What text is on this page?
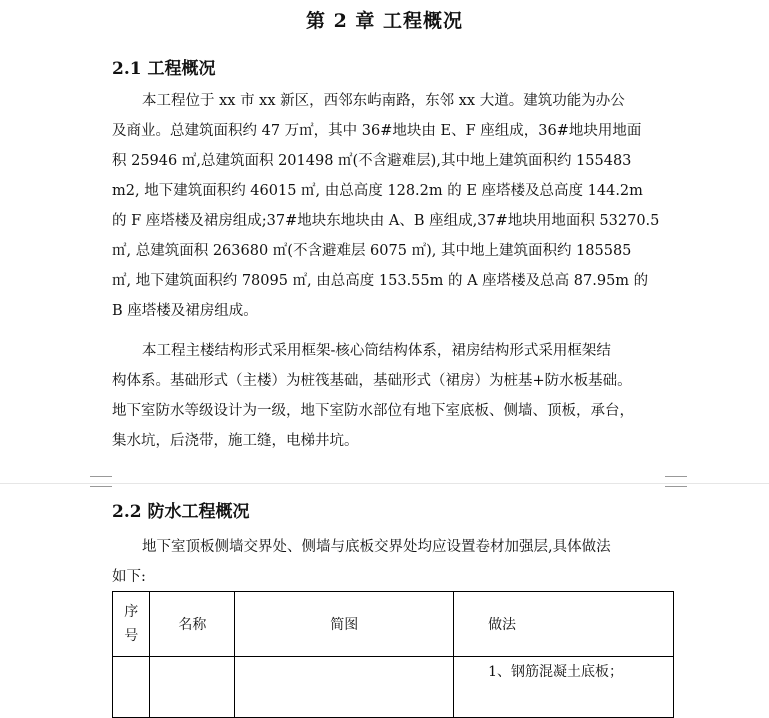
第 2 章 工程概况
2.1 工程概况
本工程位于 xx 市 xx 新区，西邻东屿南路，东邻 xx 大道。建筑功能为办公
及商业。总建筑面积约 47 万㎡，其中 36#地块由 E、F 座组成，36#地块用地面
积 25946 ㎡,总建筑面积 201498 ㎡(不含避难层),其中地上建筑面积约 155483
m2, 地下建筑面积约 46015 ㎡, 由总高度 128.2m 的 E 座塔楼及总高度 144.2m
的 F 座塔楼及裙房组成;37#地块东地块由 A、B 座组成,37#地块用地面积 53270.5
㎡, 总建筑面积 263680 ㎡(不含避难层 6075 ㎡), 其中地上建筑面积约 185585
㎡, 地下建筑面积约 78095 ㎡, 由总高度 153.55m 的 A 座塔楼及总高 87.95m 的
B 座塔楼及裙房组成。
本工程主楼结构形式采用框架-核心筒结构体系，裙房结构形式采用框架结
构体系。基础形式（主楼）为桩筏基础，基础形式（裙房）为桩基+防水板基础。
地下室防水等级设计为一级，地下室防水部位有地下室底板、侧墙、顶板，承台，
集水坑，后浇带，施工缝，电梯井坑。
2.2 防水工程概况
地下室顶板侧墙交界处、侧墙与底板交界处均应设置卷材加强层,具体做法
如下:
序
号	名称	简图	做法

			1、钢筋混凝土底板；
